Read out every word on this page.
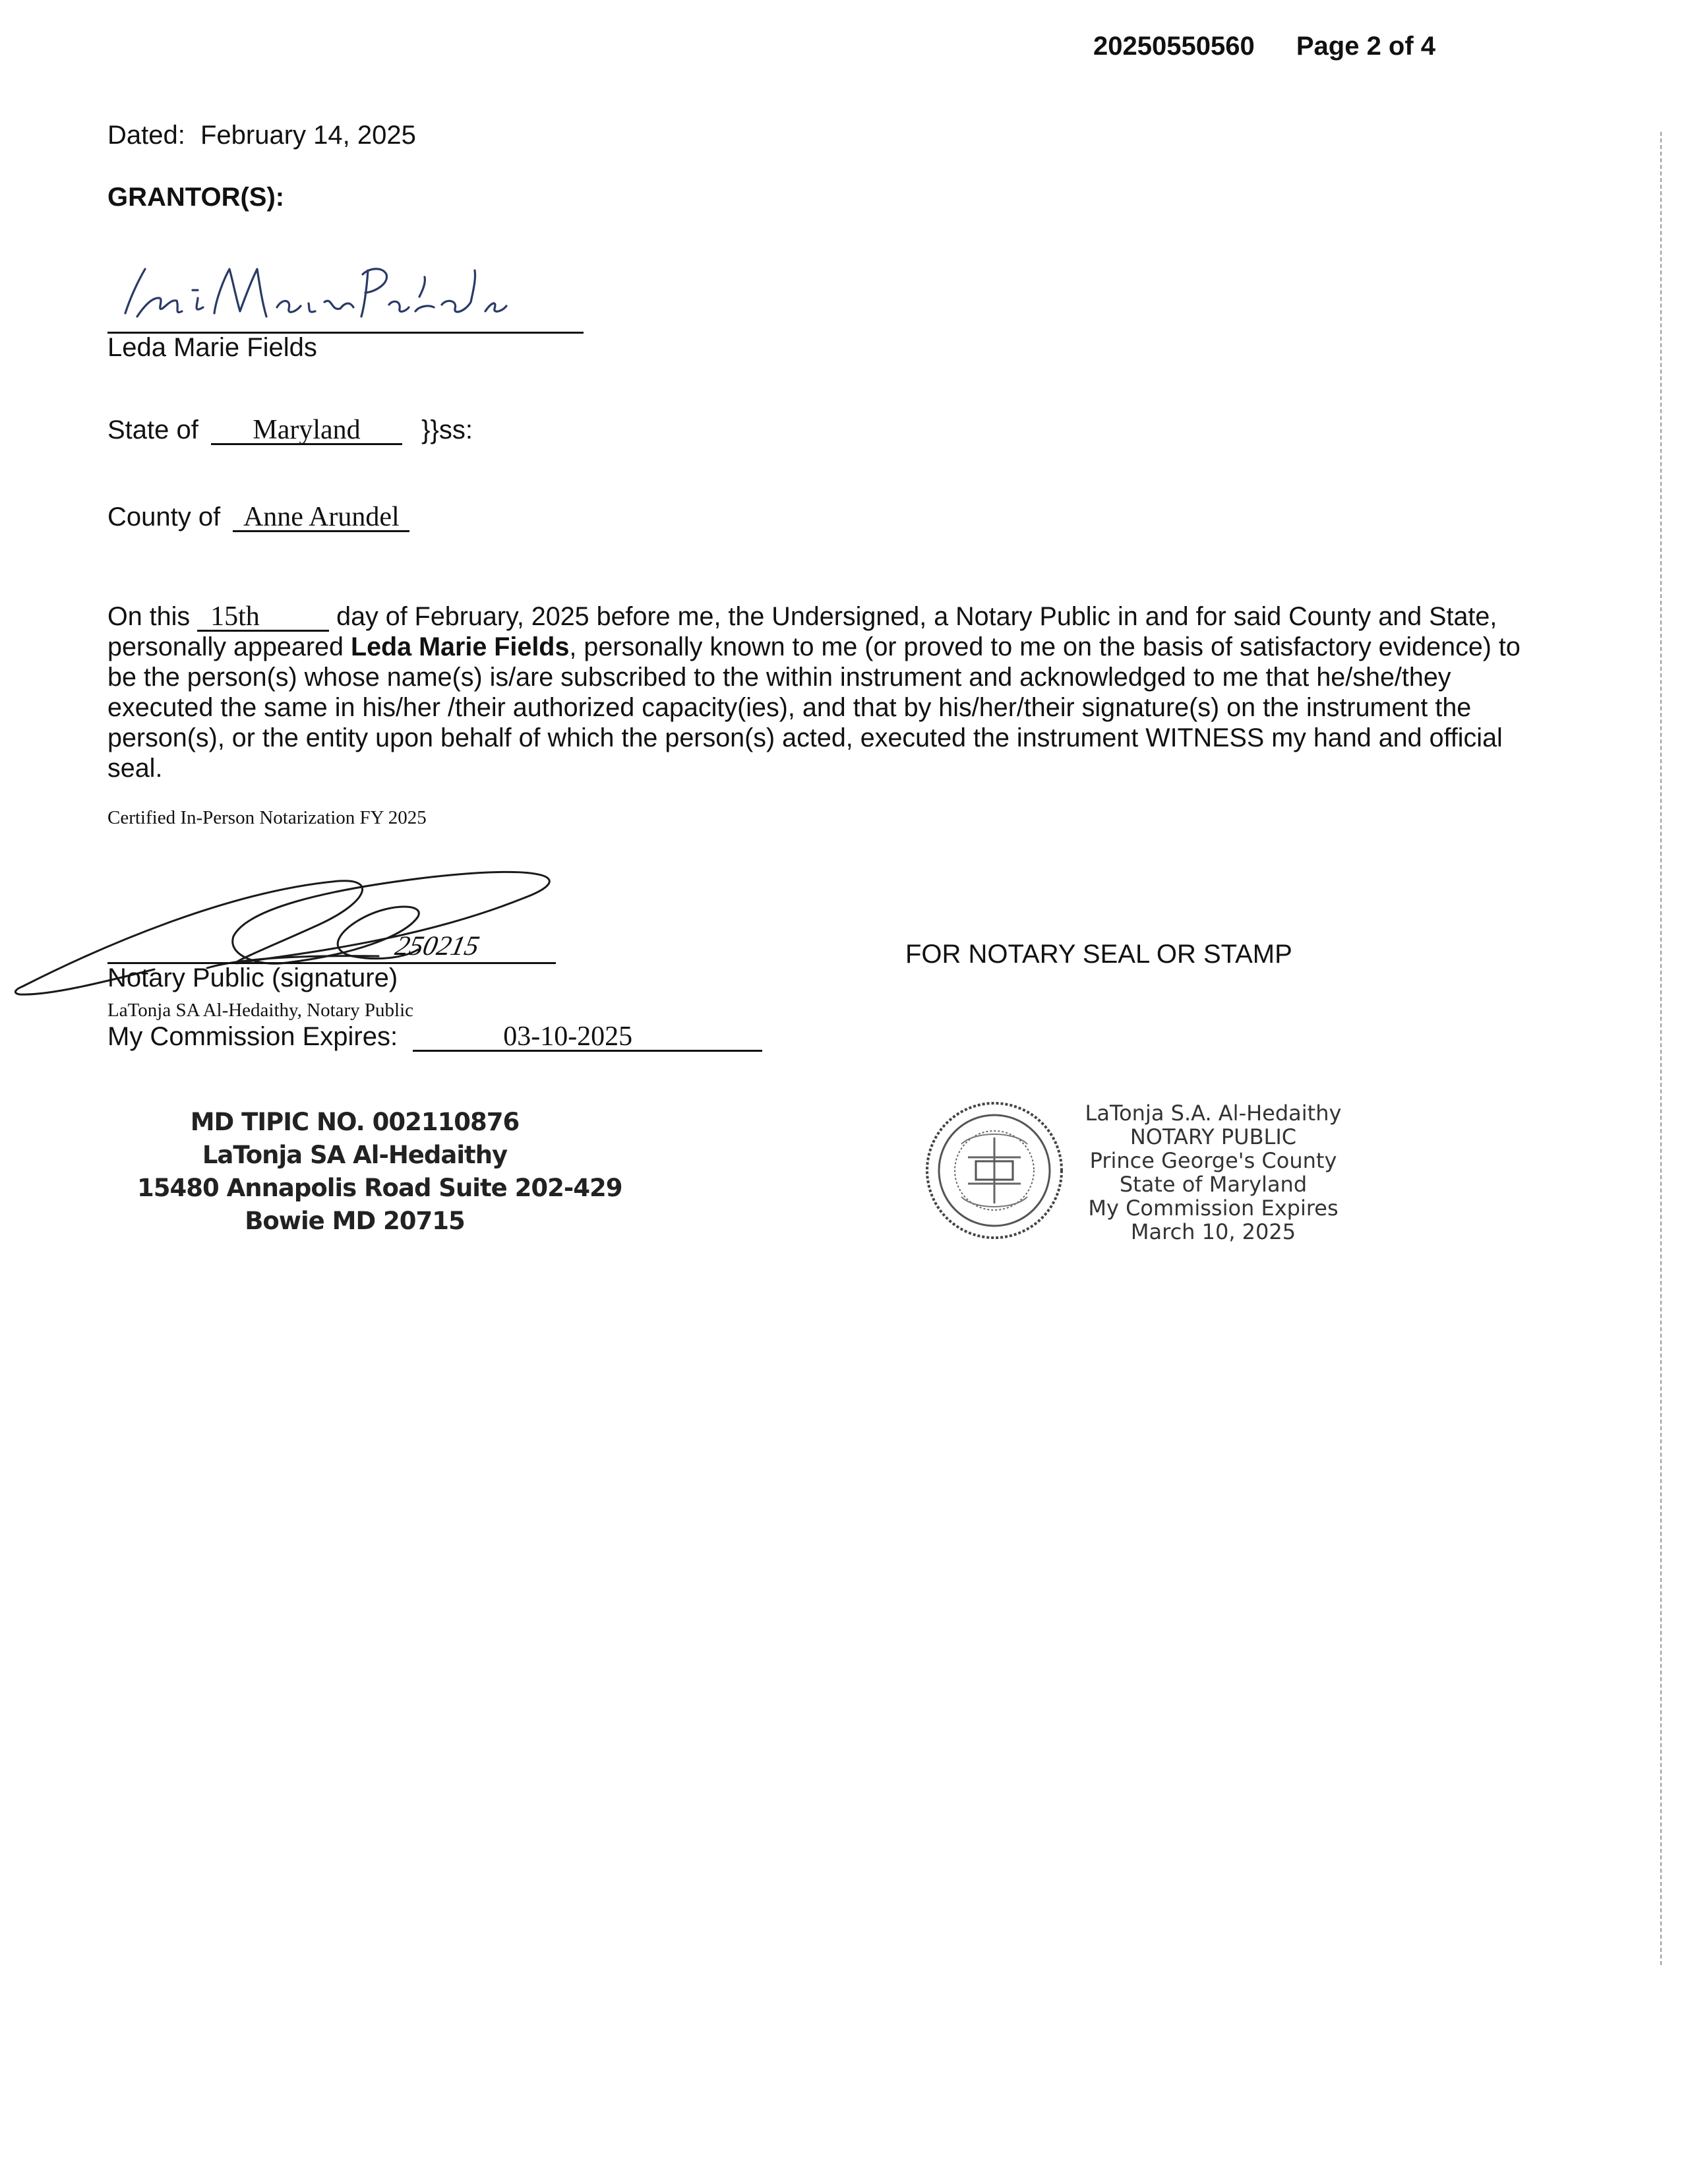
20250550560 Page 2 of 4
Dated: February 14, 2025
GRANTOR(S):
Leda Marie Fields
State of Maryland }}ss:
County of Anne Arundel
On this 15th	day of February, 2025 before me, the Undersigned, a Notary Public in and for said County and State, personally appeared Leda Marie Fields, personally known to me (or proved to me on the basis of satisfactory evidence) to be the person(s) whose name(s) is/are subscribed to the within instrument and acknowledged to me that he/she/they executed the same in his/her /their authorized capacity(ies), and that by his/her/their signature(s) on the instrument the person(s), or the entity upon behalf of which the person(s) acted, executed the instrument WITNESS my hand and official seal.
Certified In-Person Notarization FY 2025
250215
Notary Public (signature)
LaTonja SA Al-Hedaithy, Notary Public
My Commission Expires:	03-10-2025
FOR NOTARY SEAL OR STAMP
MD TIPIC NO. 002110876
LaTonja SA Al-Hedaithy
15480 Annapolis Road Suite 202-429
Bowie MD 20715
LaTonja S.A. Al-Hedaithy
NOTARY PUBLIC
Prince George's County
State of Maryland
My Commission Expires
March 10, 2025
